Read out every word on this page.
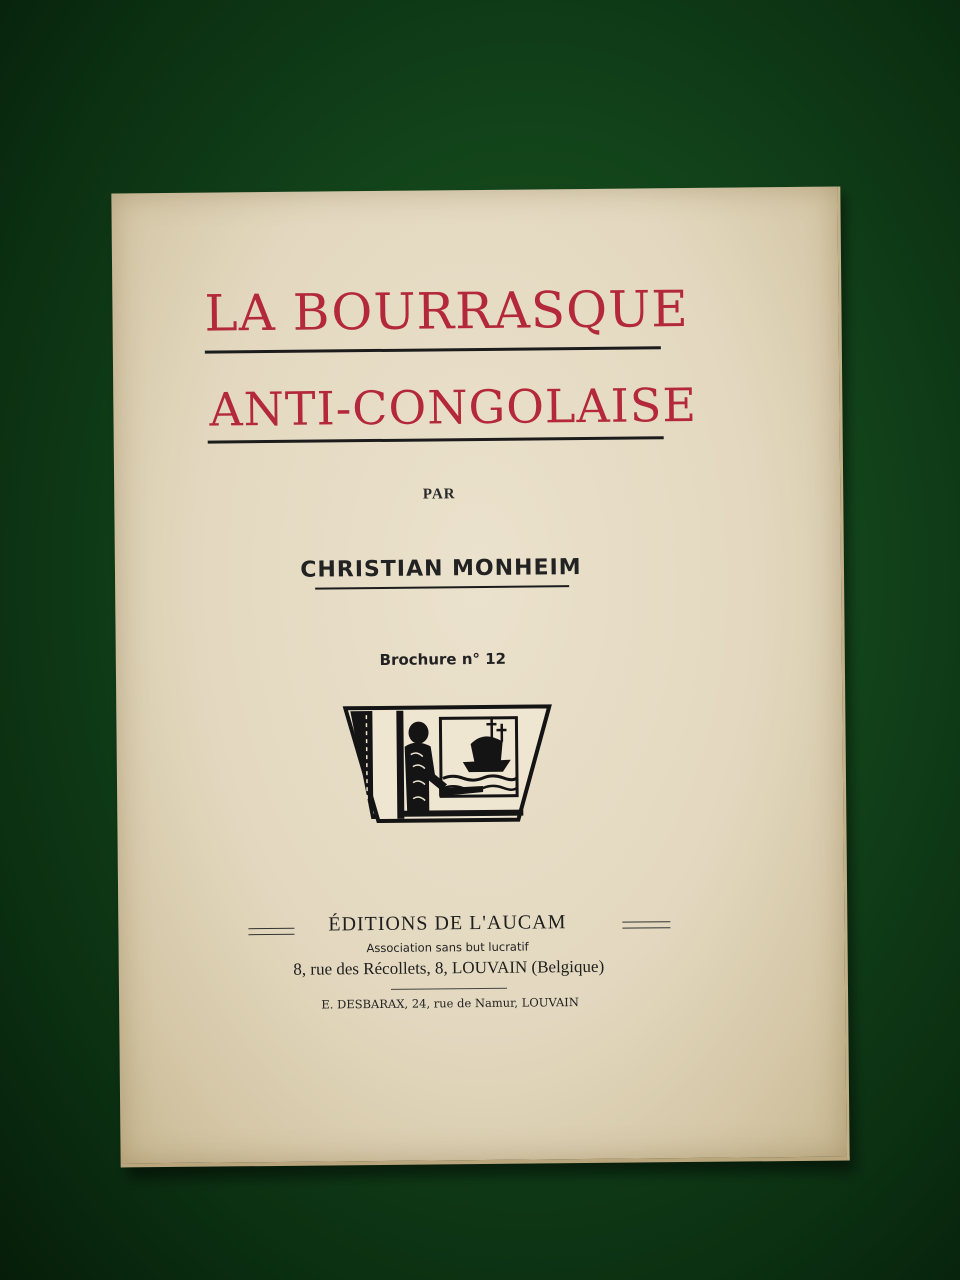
LA BOURRASQUE
ANTI-CONGOLAISE
PAR
CHRISTIAN MONHEIM
Brochure n° 12
ÉDITIONS DE L'AUCAM
Association sans but lucratif
8, rue des Récollets, 8, LOUVAIN (Belgique)
E. DESBARAX, 24, rue de Namur, LOUVAIN
